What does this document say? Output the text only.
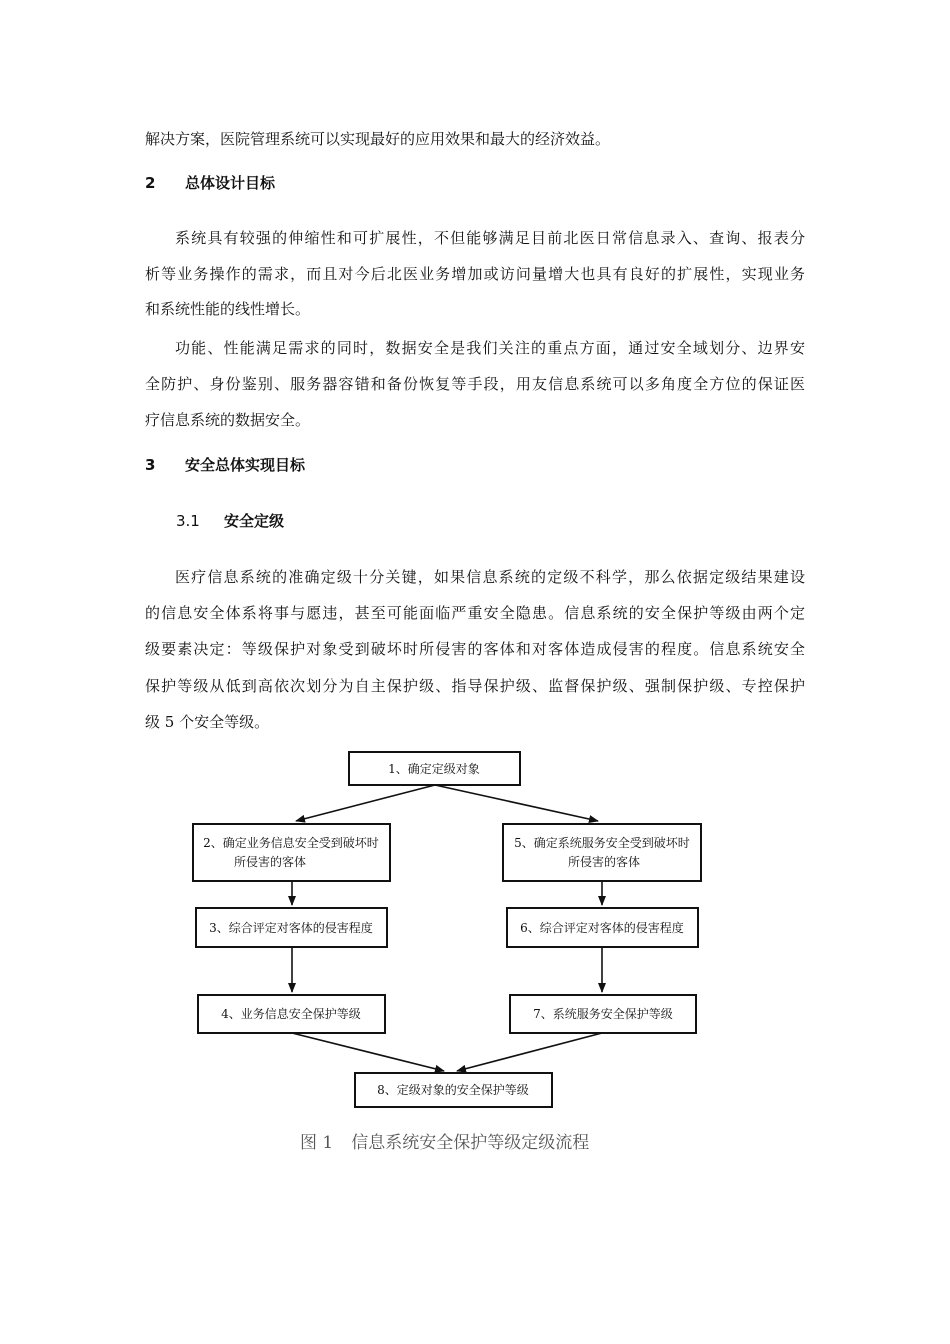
解决方案，医院管理系统可以实现最好的应用效果和最大的经济效益。
2 总体设计目标
系统具有较强的伸缩性和可扩展性，不但能够满足目前北医日常信息录入、查询、报表分
析等业务操作的需求，而且对今后北医业务增加或访问量增大也具有良好的扩展性，实现业务
和系统性能的线性增长。
功能、性能满足需求的同时，数据安全是我们关注的重点方面，通过安全域划分、边界安
全防护、身份鉴别、服务器容错和备份恢复等手段，用友信息系统可以多角度全方位的保证医
疗信息系统的数据安全。
3 安全总体实现目标
3.1 安全定级
医疗信息系统的准确定级十分关键，如果信息系统的定级不科学，那么依据定级结果建设
的信息安全体系将事与愿违，甚至可能面临严重安全隐患。信息系统的安全保护等级由两个定
级要素决定：等级保护对象受到破坏时所侵害的客体和对客体造成侵害的程度。信息系统安全
保护等级从低到高依次划分为自主保护级、指导保护级、监督保护级、强制保护级、专控保护
级 5 个安全等级。
1、确定定级对象
2、确定业务信息安全受到破坏时
所侵害的客体
5、确定系统服务安全受到破坏时
所侵害的客体
3、综合评定对客体的侵害程度	6、综合评定对客体的侵害程度
4、业务信息安全保护等级	7、系统服务安全保护等级
8、定级对象的安全保护等级
图 1 信息系统安全保护等级定级流程
